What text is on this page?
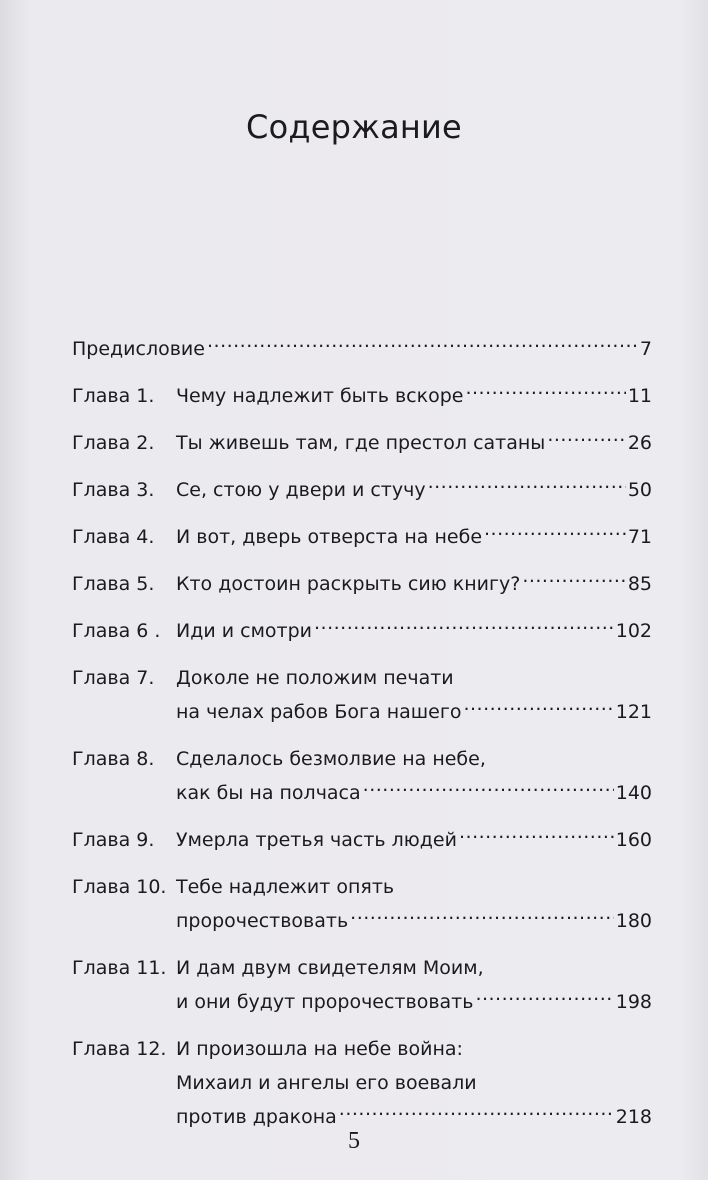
Содержание
Предисловие .....	7
Глава 1.	Чему надлежит быть вскоре .....	11
Глава 2.	Ты живешь там, где престол сатаны .....	26
Глава 3.	Се, стою у двери и стучу .....	50
Глава 4.	И вот, дверь отверста на небе .....	71
Глава 5.	Кто достоин раскрыть сию книгу? .....	85
Глава 6 . Иди и смотри .....	102
Глава 7.	Доколе не положим печати
на челах рабов Бога нашего .....	121
Глава 8.	Сделалось безмолвие на небе,
как бы на полчаса .....	140
Глава 9.	Умерла третья часть людей .....	160
Глава 10. Тебе надлежит опять
пророчествовать .....	180
Глава 11. И дам двум свидетелям Моим,
и они будут пророчествовать .....	198
Глава 12. И произошла на небе война:
Михаил и ангелы его воевали
против дракона .....	218
5
